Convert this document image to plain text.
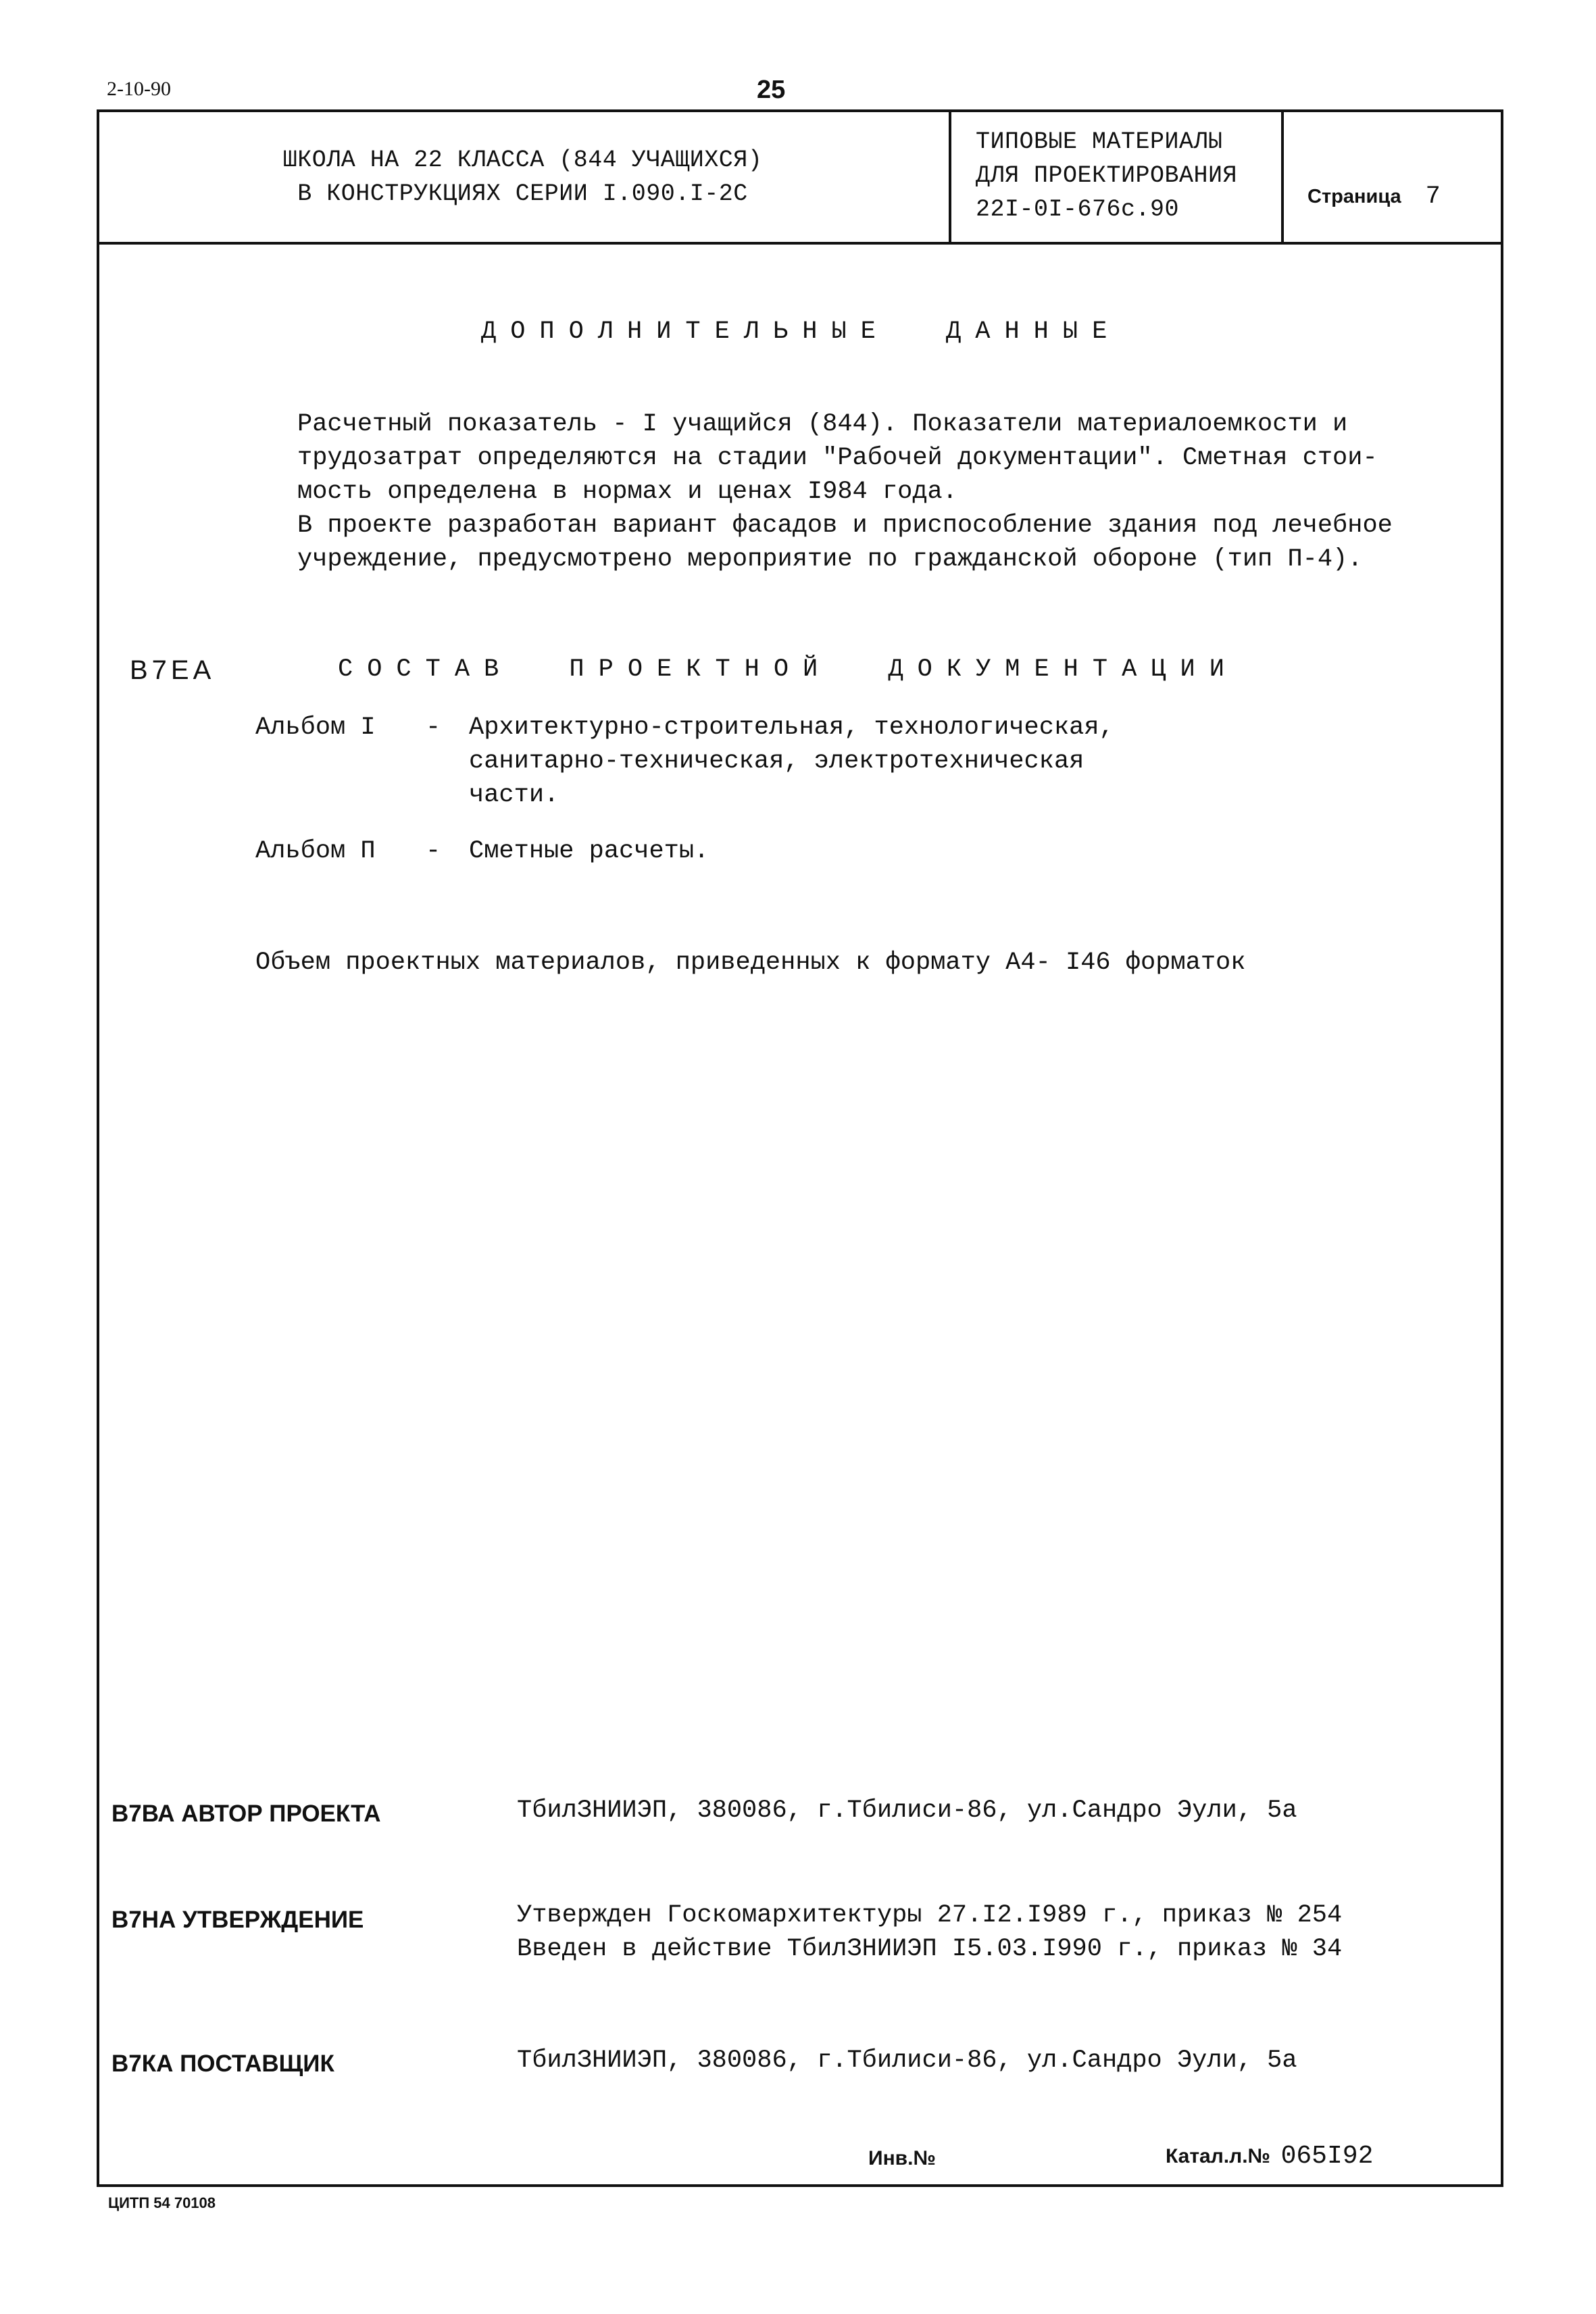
2-10-90	25
ШКОЛА НА 22 КЛАССА (844 УЧАЩИХСЯ)
В КОНСТРУКЦИЯХ СЕРИИ I.090.I-2C
ТИПОВЫЕ МАТЕРИАЛЫ
ДЛЯ ПРОЕКТИРОВАНИЯ
22I-0I-676с.90	Страница 7
ДОПОЛНИТЕЛЬНЫЕ ДАННЫЕ
Расчетный показатель - I учащийся (844). Показатели материалоемкости и
трудозатрат определяются на стадии "Рабочей документации". Сметная стои-
мость определена в нормах и ценах I984 года.
В проекте разработан вариант фасадов и приспособление здания под лечебное
учреждение, предусмотрено мероприятие по гражданской обороне (тип П-4).
В7ЕА	СОСТАВ ПРОЕКТНОЙ ДОКУМЕНТАЦИИ
Альбом I - Архитектурно-строительная, технологическая,
санитарно-техническая, электротехническая
части.
Альбом П - Сметные расчеты.
Объем проектных материалов, приведенных к формату А4- I46 форматок
В7ВА АВТОР ПРОЕКТА	ТбилЗНИИЭП, 380086, г.Тбилиси-86, ул.Сандро Эули, 5а
В7НА УТВЕРЖДЕНИЕ	Утвержден Госкомархитектуры 27.I2.I989 г., приказ № 254
Введен в действие ТбилЗНИИЭП I5.03.I990 г., приказ № 34
В7КА ПОСТАВЩИК	ТбилЗНИИЭП, 380086, г.Тбилиси-86, ул.Сандро Эули, 5а
Инв.№	Катал.л.№ 065I92
ЦИТП 54 70108
